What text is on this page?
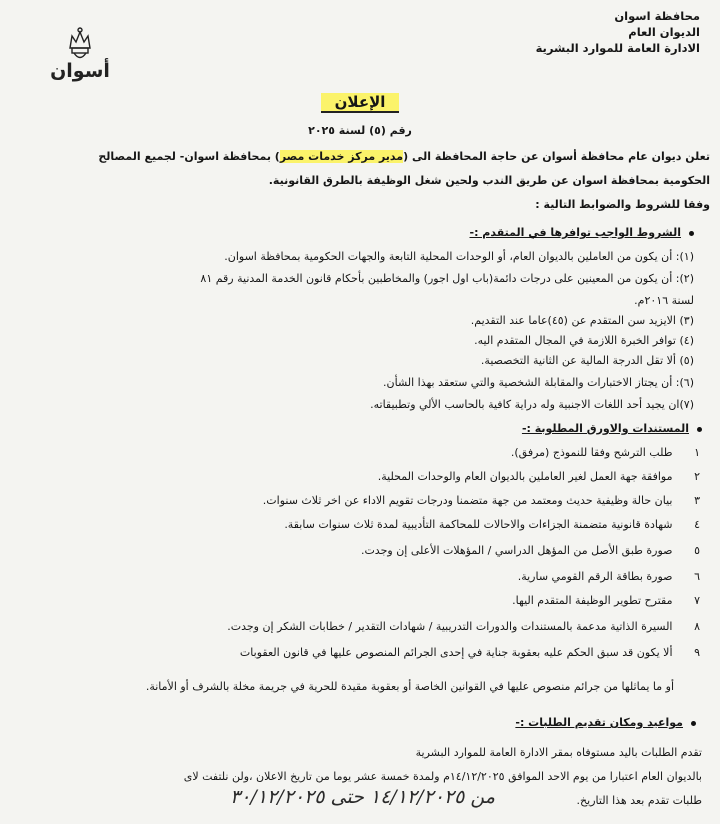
محافظة اسوان
الديوان العام
الادارة العامة للموارد البشرية
أسوان
الإعلان
رقم (٥) لسنة ٢٠٢٥
تعلن ديوان عام محافظة أسوان عن حاجة المحافظة الى (مدير مركز خدمات مصر) بمحافظة اسوان- لجميع المصالح
الحكومية بمحافظة اسوان عن طريق الندب ولحين شغل الوظيفة بالطرق القانونية.
وفقا للشروط والضوابط التالية :
الشروط الواجب توافرها في المتقدم :-
(١): أن يكون من العاملين بالديوان العام، أو الوحدات المحلية التابعة والجهات الحكومية بمحافظة اسوان.
(٢): أن يكون من المعينين على درجات دائمة(باب اول اجور) والمخاطبين بأحكام قانون الخدمة المدنية رقم ٨١
لسنة ٢٠١٦م.
(٣) الايزيد سن المتقدم عن (٤٥)عاما عند التقديم.
(٤) توافر الخبرة اللازمة في المجال المتقدم اليه.
(٥) ألا تقل الدرجة المالية عن الثانية التخصصية.
(٦): أن يجتاز الاختبارات والمقابلة الشخصية والتي ستعقد بهذا الشأن.
(٧)ان يجيد أحد اللغات الاجنبية وله دراية كافية بالحاسب الألي وتطبيقاته.
المستندات والاورق المطلوبة :-
١ طلب الترشح وفقا للنموذج (مرفق).
٢ موافقة جهة العمل لغير العاملين بالديوان العام والوحدات المحلية.
٣ بيان حالة وظيفية حديث ومعتمد من جهة متضمنا ودرجات تقويم الاداء عن اخر ثلاث سنوات.
٤ شهادة قانونية متضمنة الجزاءات والاحالات للمحاكمة التأديبية لمدة ثلاث سنوات سابقة.
٥ صورة طبق الأصل من المؤهل الدراسي / المؤهلات الأعلى إن وجدت.
٦ صورة بطاقة الرقم القومي سارية.
٧ مقترح تطوير الوظيفة المتقدم اليها.
٨ السيرة الذاتية مدعمة بالمستندات والدورات التدريبية / شهادات التقدير / خطابات الشكر إن وجدت.
٩ ألا يكون قد سبق الحكم عليه بعقوبة جناية في إحدى الجرائم المنصوص عليها في قانون العقوبات
أو ما يماثلها من جرائم منصوص عليها في القوانين الخاصة أو بعقوبة مقيدة للحرية في جريمة مخلة بالشرف أو الأمانة.
مواعيد ومكان تقديم الطلبات :-
تقدم الطلبات باليد مستوفاه بمقر الادارة العامة للموارد البشرية
بالديوان العام اعتبارا من يوم الاحد الموافق ١٤/١٢/٢٠٢٥م ولمدة خمسة عشر يوما من تاريخ الاعلان ،ولن نلتفت لاى
طلبات تقدم بعد هذا التاريخ.
من ١٤/١٢/٢٠٢٥ حتى ٣٠/١٢/٢٠٢٥
